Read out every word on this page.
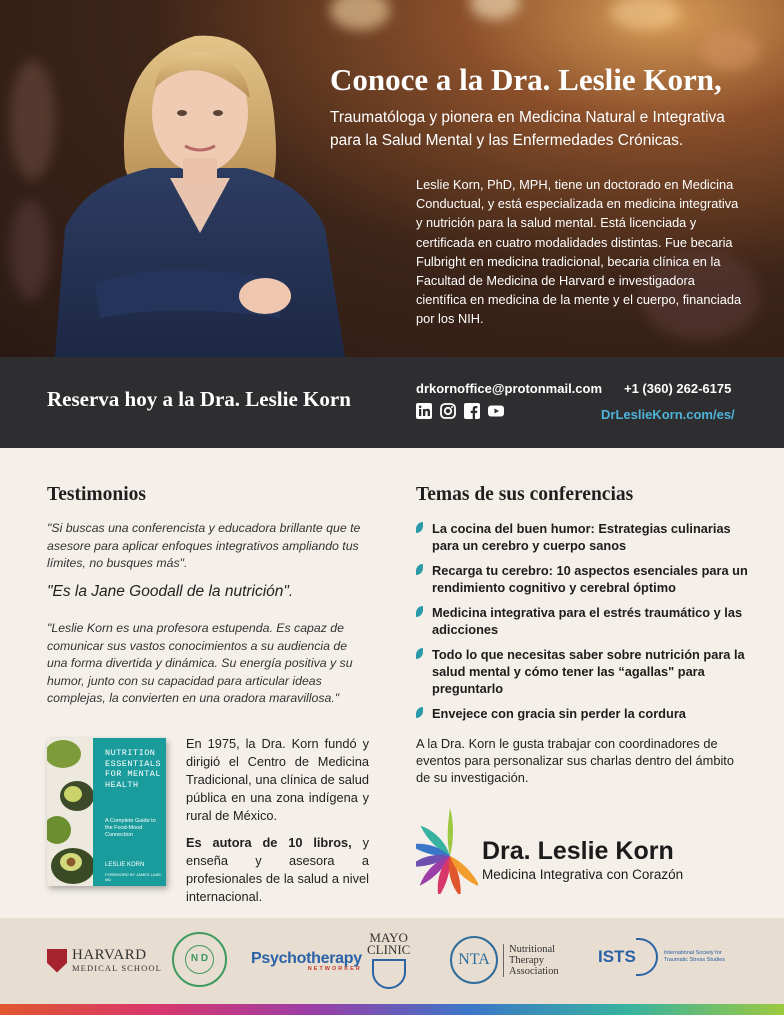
Conoce a la Dra. Leslie Korn,
Traumatóloga y pionera en Medicina Natural e Integrativa para la Salud Mental y las Enfermedades Crónicas.
Leslie Korn, PhD, MPH, tiene un doctorado en Medicina Conductual, y está especializada en medicina integrativa y nutrición para la salud mental. Está licenciada y certificada en cuatro modalidades distintas. Fue becaria Fulbright en medicina tradicional, becaria clínica en la Facultad de Medicina de Harvard e investigadora científica en medicina de la mente y el cuerpo, financiada por los NIH.
Reserva hoy a la Dra. Leslie Korn	drkornoffice@protonmail.com +1 (360) 262-6175
DrLeslieKorn.com/es/
Testimonios
"Si buscas una conferencista y educadora brillante que te asesore para aplicar enfoques integrativos ampliando tus límites, no busques más".
"Es la Jane Goodall de la nutrición".
"Leslie Korn es una profesora estupenda. Es capaz de comunicar sus vastos conocimientos a su audiencia de una forma divertida y dinámica. Su energía positiva y su humor, junto con su capacidad para articular ideas complejas, la convierten en una oradora maravillosa."
NUTRITION ESSENTIALS FOR MENTAL HEALTH
A Complete Guide to the Food-Mood Connection
LESLIE KORN
FOREWORD BY JAMES LAKE, MD
En 1975, la Dra. Korn fundó y dirigió el Centro de Medicina Tradicional, una clínica de salud pública en una zona indígena y rural de México.
Es autora de 10 libros, y enseña y asesora a profesionales de la salud a nivel internacional.
Temas de sus conferencias
La cocina del buen humor: Estrategias culinarias para un cerebro y cuerpo sanos
Recarga tu cerebro: 10 aspectos esenciales para un rendimiento cognitivo y cerebral óptimo
Medicina integrativa para el estrés traumático y las adicciones
Todo lo que necesitas saber sobre nutrición para la salud mental y cómo tener las “agallas" para preguntarlo
Envejece con gracia sin perder la cordura
A la Dra. Korn le gusta trabajar con coordinadores de eventos para personalizar sus charlas dentro del ámbito de su investigación.
Dra. Leslie Korn
Medicina Integrativa con Corazón
HARVARD
MEDICAL SCHOOL
N D	Psychotherapy
NETWORKER
MAYO
CLINIC
NTA
Nutritional Therapy Association
ISTS	International Society for Traumatic Stress Studies
